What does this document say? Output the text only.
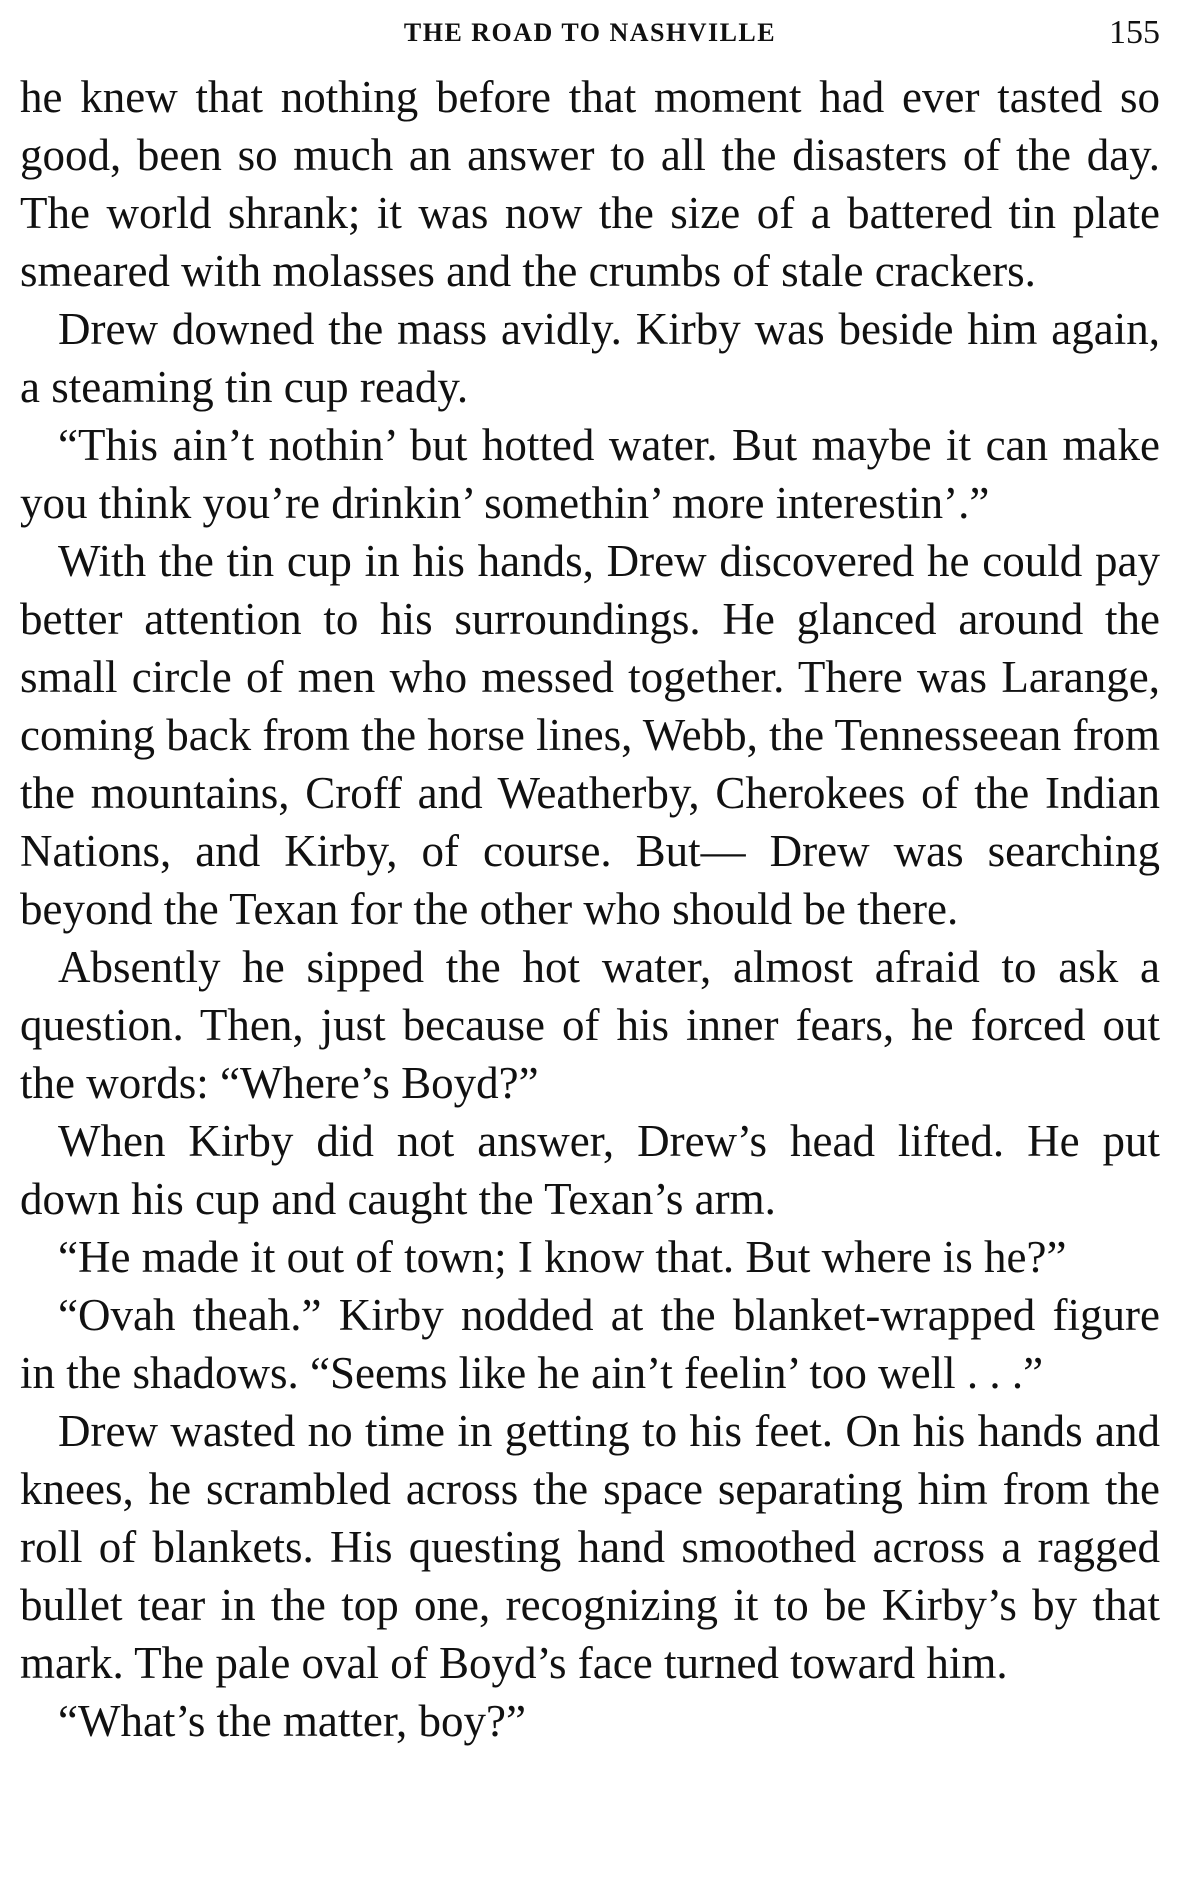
THE ROAD TO NASHVILLE	155

he knew that nothing before that moment had ever tasted so good, been so much an answer to all the disasters of the day. The world shrank; it was now the size of a battered tin plate smeared with molasses and the crumbs of stale crackers.

Drew downed the mass avidly. Kirby was beside him again, a steaming tin cup ready.

“This ain’t nothin’ but hotted water. But maybe it can make you think you’re drinkin’ somethin’ more interestin’.”

With the tin cup in his hands, Drew discovered he could pay better attention to his surroundings. He glanced around the small circle of men who messed together. There was Larange, coming back from the horse lines, Webb, the Tennesseean from the mountains, Croff and Weatherby, Cherokees of the Indian Nations, and Kirby, of course. But— Drew was searching beyond the Texan for the other who should be there.

Absently he sipped the hot water, almost afraid to ask a question. Then, just because of his inner fears, he forced out the words: “Where’s Boyd?”

When Kirby did not answer, Drew’s head lifted. He put down his cup and caught the Texan’s arm.

“He made it out of town; I know that. But where is he?”

“Ovah theah.” Kirby nodded at the blanket-wrapped figure in the shadows. “Seems like he ain’t feelin’ too well . . .”

Drew wasted no time in getting to his feet. On his hands and knees, he scrambled across the space separating him from the roll of blankets. His questing hand smoothed across a ragged bullet tear in the top one, recognizing it to be Kirby’s by that mark. The pale oval of Boyd’s face turned toward him.

“What’s the matter, boy?”
